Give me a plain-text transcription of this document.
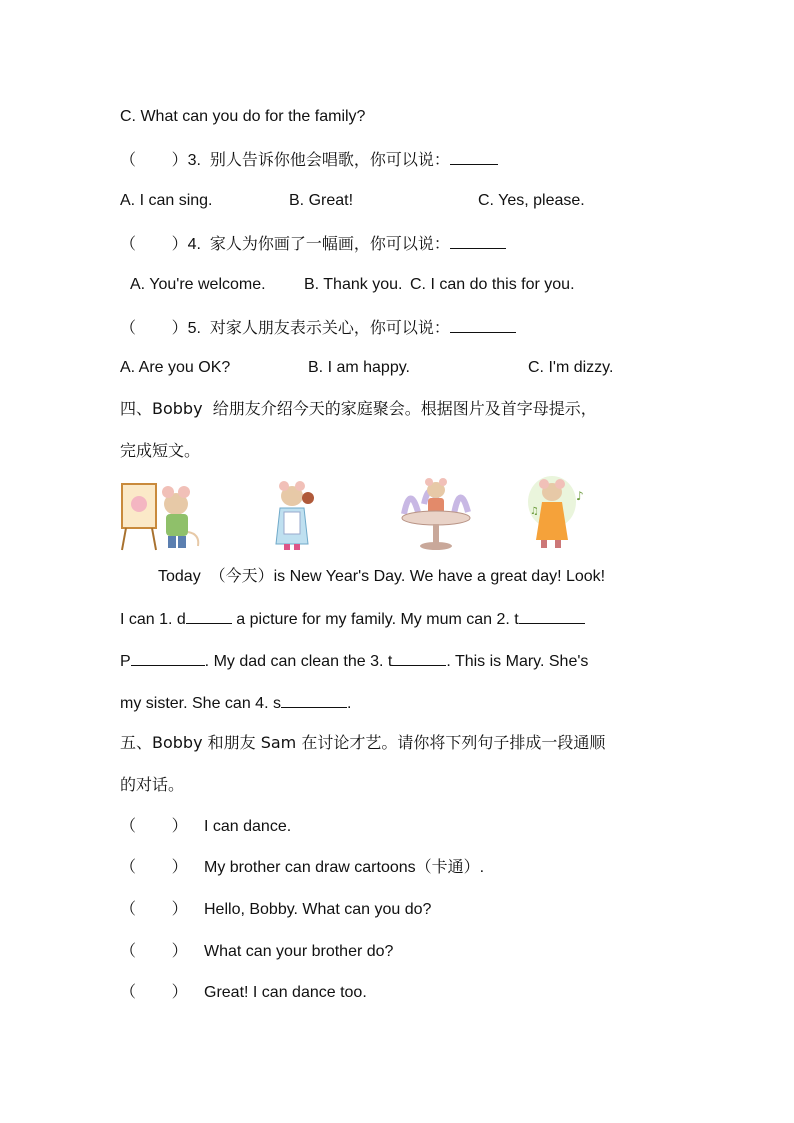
C. What can you do for the family?
（        ）3.  别人告诉你他会唱歌，你可以说：
A. I can sing.	B. Great!	C. Yes, please.
（        ）4.  家人为你画了一幅画，你可以说：
A. You're welcome. B. Thank you. C. I can do this for you.
（        ）5.  对家人朋友表示关心，你可以说：
A. Are you OK?	B. I am happy.	C. I'm dizzy.
四、Bobby  给朋友介绍今天的家庭聚会。根据图片及首字母提示，
完成短文。
♪
♫
Today  （今天）is New Year's Day. We have a great day! Look!
I can 1. d	a picture for my family. My mum can 2. t
P	. My dad can clean the 3. t	. This is Mary. She's
my sister. She can 4. s	.
五、Bobby 和朋友 Sam 在讨论才艺。请你将下列句子排成一段通顺
的对话。
（        ） I can dance.
（        ） My brother can draw cartoons（卡通）.
（        ） Hello, Bobby. What can you do?
（        ） What can your brother do?
（        ） Great! I can dance too.
